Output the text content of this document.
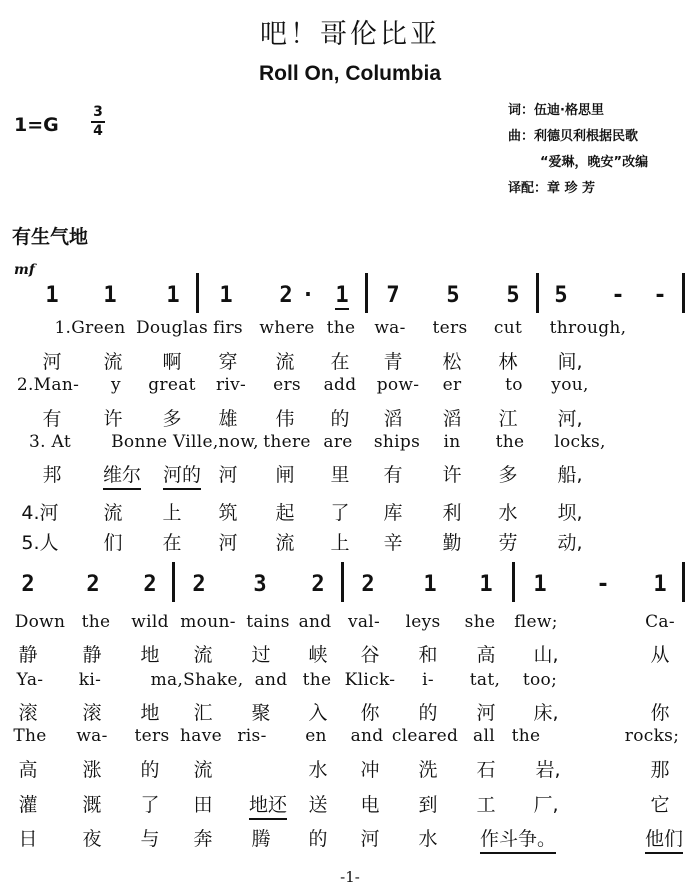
吧！哥伦比亚
Roll On, Columbia
1=G
3
4
词：伍迪·格思里
曲：利德贝利根据民歌
“爱琳，晚安”改编
译配：章 珍 芳
有生气地
mf
1 1 1 1 2 · 1 7 5 5 5 - -
1.Green Douglas firs where the wa- ters cut through,
河 流 啊 穿 流 在 青 松 林 间,
2.Man- y great riv- ers add pow- er	to you,
有 许 多 雄 伟 的 滔 滔 江 河,
3. At Bonne Ville,now, there are ships in the locks,
邦 维尔 河的 河 闸 里 有 许 多 船,
4.河 流 上 筑 起 了 库 利 水 坝,
5.人 们 在 河 流 上 辛 勤 劳 动,
2 2 2 2 3 2 2 1 1 1 - 1
Down the wild moun- tains and val- leys she flew;	Ca-
静 静 地 流 过 峡 谷 和 高 山,	从
Ya- ki-	ma,Shake, and the Klick- i- tat, too;
滚 滚 地 汇 聚 入 你 的 河 床,	你
The wa- ters have ris- en and cleared all the	rocks;
高 涨 的 流	水 冲 洗 石 岩,	那
灌 溉 了 田 地还 送 电 到 工 厂,	它
日 夜 与 奔 腾 的 河 水 作斗争。	他们
-1-
